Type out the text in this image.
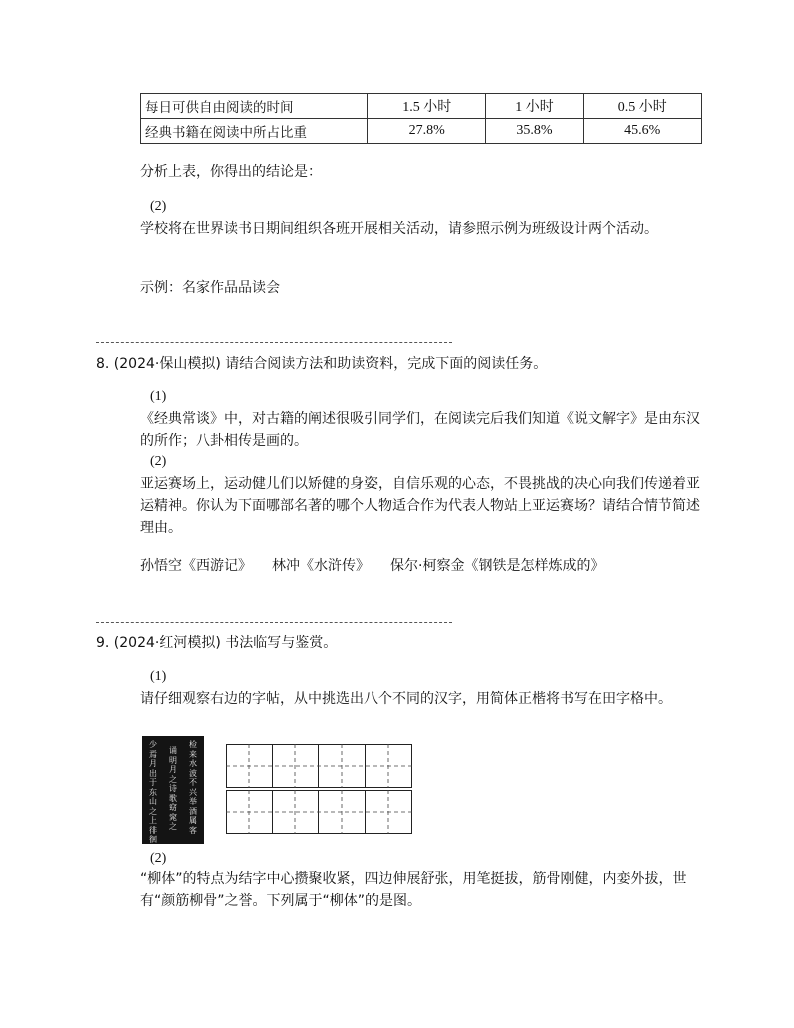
每日可供自由阅读的时间	1.5 小时	1 小时	0.5 小时
经典书籍在阅读中所占比重	27.8%	35.8%	45.6%
分析上表，你得出的结论是：
(2)
学校将在世界读书日期间组织各班开展相关活动，请参照示例为班级设计两个活动。
示例：名家作品品读会
8. (2024·保山模拟) 请结合阅读方法和助读资料，完成下面的阅读任务。
(1)
《经典常谈》中，对古籍的阐述很吸引同学们，在阅读完后我们知道《说文解字》是由东汉的所作；八卦相传是画的。
(2)
亚运赛场上，运动健儿们以矫健的身姿，自信乐观的心态，不畏挑战的决心向我们传递着亚运精神。你认为下面哪部名著的哪个人物适合作为代表人物站上亚运赛场？请结合情节简述理由。
孙悟空《西游记》 林冲《水浒传》 保尔·柯察金《钢铁是怎样炼成的》
9. (2024·红河模拟) 书法临写与鉴赏。
(1)
请仔细观察右边的字帖，从中挑选出八个不同的汉字，用简体正楷将书写在田字格中。
检 来 水 波 不 兴 举 酒 属 客
诵 明 月 之 诗 歌 窈 窕 之
少 焉 月 出 于 东 山 之 上 徘 徊
(2)
“柳体”的特点为结字中心攒聚收紧，四边伸展舒张，用笔挺拔，筋骨刚健，内娈外拔，世有“颜筋柳骨”之誉。下列属于“柳体”的是图。
